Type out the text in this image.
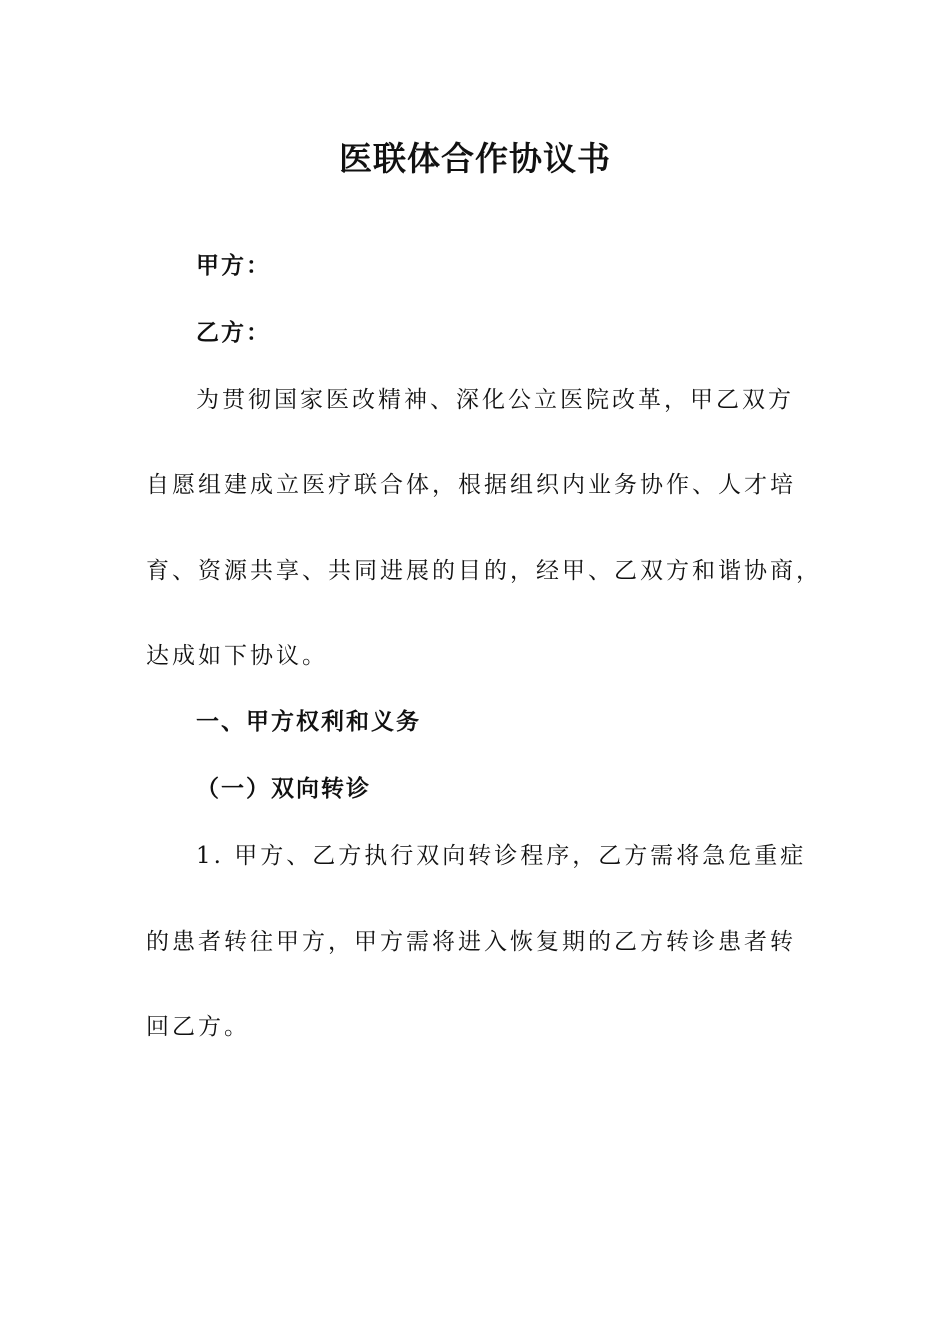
医联体合作协议书
甲方：
乙方：
为贯彻国家医改精神、深化公立医院改革，甲乙双方
自愿组建成立医疗联合体，根据组织内业务协作、人才培
育、资源共享、共同进展的目的，经甲、乙双方和谐协商，
达成如下协议。
一、甲方权利和义务
（一）双向转诊
1. 甲方、乙方执行双向转诊程序，乙方需将急危重症
的患者转往甲方，甲方需将进入恢复期的乙方转诊患者转
回乙方。
